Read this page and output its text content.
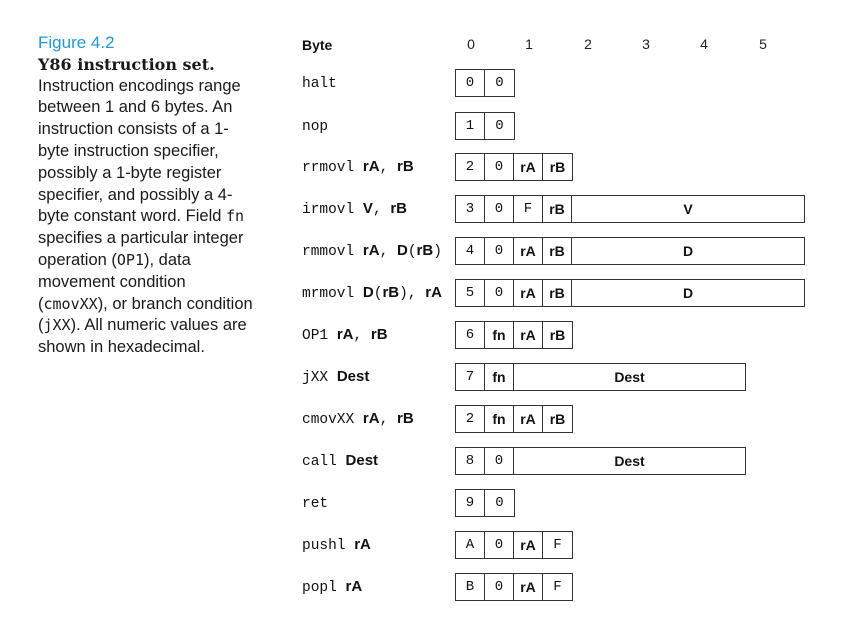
Figure 4.2
Y86 instruction set.
Instruction encodings range between 1 and 6 bytes. An instruction consists of a 1-byte instruction specifier, possibly a 1-byte register specifier, and possibly a 4-byte constant word. Field fn specifies a particular integer operation (OP1), data movement condition (cmovXX), or branch condition (jXX). All numeric values are shown in hexadecimal.
Byte	0	1	2	3	4	5
halt	0	0
nop	1	0
rrmovl rA, rB	2	0	rA rB
irmovl V, rB	3	0	F	rB	V
rmmovl rA, D(rB)	4	0	rA rB	D
mrmovl D(rB), rA	5	0	rA rB	D
OP1 rA, rB	6	fn	rA rB
jXX Dest	7	fn	Dest
cmovXX rA, rB	2	fn	rA rB
call Dest	8	0	Dest
ret	9	0
pushl rA	A	0	rA	F
popl rA	B	0	rA	F
